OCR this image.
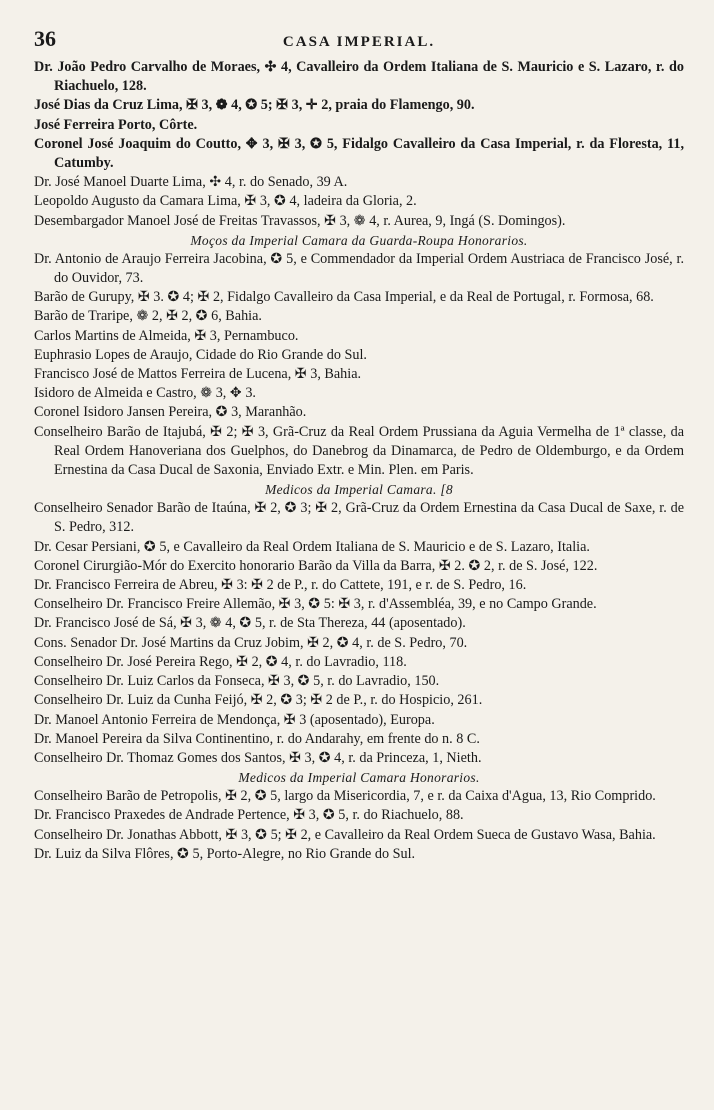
36	CASA IMPERIAL.
Dr. João Pedro Carvalho de Moraes, ✣ 4, Cavalleiro da Ordem Italiana de S. Mauricio e S. Lazaro, r. do Riachuelo, 128.
José Dias da Cruz Lima, ✠ 3, ❁ 4, ✪ 5; ✠ 3, ✛ 2, praia do Flamengo, 90.
José Ferreira Porto, Côrte.
Coronel José Joaquim do Coutto, ✥ 3, ✠ 3, ✪ 5, Fidalgo Cavalleiro da Casa Imperial, r. da Floresta, 11, Catumby.
Dr. José Manoel Duarte Lima, ✣ 4, r. do Senado, 39 A.
Leopoldo Augusto da Camara Lima, ✠ 3, ✪ 4, ladeira da Gloria, 2.
Desembargador Manoel José de Freitas Travassos, ✠ 3, ❁ 4, r. Aurea, 9, Ingá (S. Domingos).
Moços da Imperial Camara da Guarda-Roupa Honorarios.
Dr. Antonio de Araujo Ferreira Jacobina, ✪ 5, e Commendador da Imperial Ordem Austriaca de Francisco José, r. do Ouvidor, 73.
Barão de Gurupy, ✠ 3. ✪ 4; ✠ 2, Fidalgo Cavalleiro da Casa Imperial, e da Real de Portugal, r. Formosa, 68.
Barão de Traripe, ❁ 2, ✠ 2, ✪ 6, Bahia.
Carlos Martins de Almeida, ✠ 3, Pernambuco.
Euphrasio Lopes de Araujo, Cidade do Rio Grande do Sul.
Francisco José de Mattos Ferreira de Lucena, ✠ 3, Bahia.
Isidoro de Almeida e Castro, ❁ 3, ✥ 3.
Coronel Isidoro Jansen Pereira, ✪ 3, Maranhão.
Conselheiro Barão de Itajubá, ✠ 2; ✠ 3, Grã-Cruz da Real Ordem Prussiana da Aguia Vermelha de 1ª classe, da Real Ordem Hanoveriana dos Guelphos, do Danebrog da Dinamarca, de Pedro de Oldemburgo, e da Ordem Ernestina da Casa Ducal de Saxonia, Enviado Extr. e Min. Plen. em Paris.
Medicos da Imperial Camara. [8
Conselheiro Senador Barão de Itaúna, ✠ 2, ✪ 3; ✠ 2, Grã-Cruz da Ordem Ernestina da Casa Ducal de Saxe, r. de S. Pedro, 312.
Dr. Cesar Persiani, ✪ 5, e Cavalleiro da Real Ordem Italiana de S. Mauricio e de S. Lazaro, Italia.
Coronel Cirurgião-Mór do Exercito honorario Barão da Villa da Barra, ✠ 2. ✪ 2, r. de S. José, 122.
Dr. Francisco Ferreira de Abreu, ✠ 3: ✠ 2 de P., r. do Cattete, 191, e r. de S. Pedro, 16.
Conselheiro Dr. Francisco Freire Allemão, ✠ 3, ✪ 5: ✠ 3, r. d'Assembléa, 39, e no Campo Grande.
Dr. Francisco José de Sá, ✠ 3, ❁ 4, ✪ 5, r. de Sta Thereza, 44 (aposentado).
Cons. Senador Dr. José Martins da Cruz Jobim, ✠ 2, ✪ 4, r. de S. Pedro, 70.
Conselheiro Dr. José Pereira Rego, ✠ 2, ✪ 4, r. do Lavradio, 118.
Conselheiro Dr. Luiz Carlos da Fonseca, ✠ 3, ✪ 5, r. do Lavradio, 150.
Conselheiro Dr. Luiz da Cunha Feijó, ✠ 2, ✪ 3; ✠ 2 de P., r. do Hospicio, 261.
Dr. Manoel Antonio Ferreira de Mendonça, ✠ 3 (aposentado), Europa.
Dr. Manoel Pereira da Silva Continentino, r. do Andarahy, em frente do n. 8 C.
Conselheiro Dr. Thomaz Gomes dos Santos, ✠ 3, ✪ 4, r. da Princeza, 1, Nieth.
Medicos da Imperial Camara Honorarios.
Conselheiro Barão de Petropolis, ✠ 2, ✪ 5, largo da Misericordia, 7, e r. da Caixa d'Agua, 13, Rio Comprido.
Dr. Francisco Praxedes de Andrade Pertence, ✠ 3, ✪ 5, r. do Riachuelo, 88.
Conselheiro Dr. Jonathas Abbott, ✠ 3, ✪ 5; ✠ 2, e Cavalleiro da Real Ordem Sueca de Gustavo Wasa, Bahia.
Dr. Luiz da Silva Flôres, ✪ 5, Porto-Alegre, no Rio Grande do Sul.
